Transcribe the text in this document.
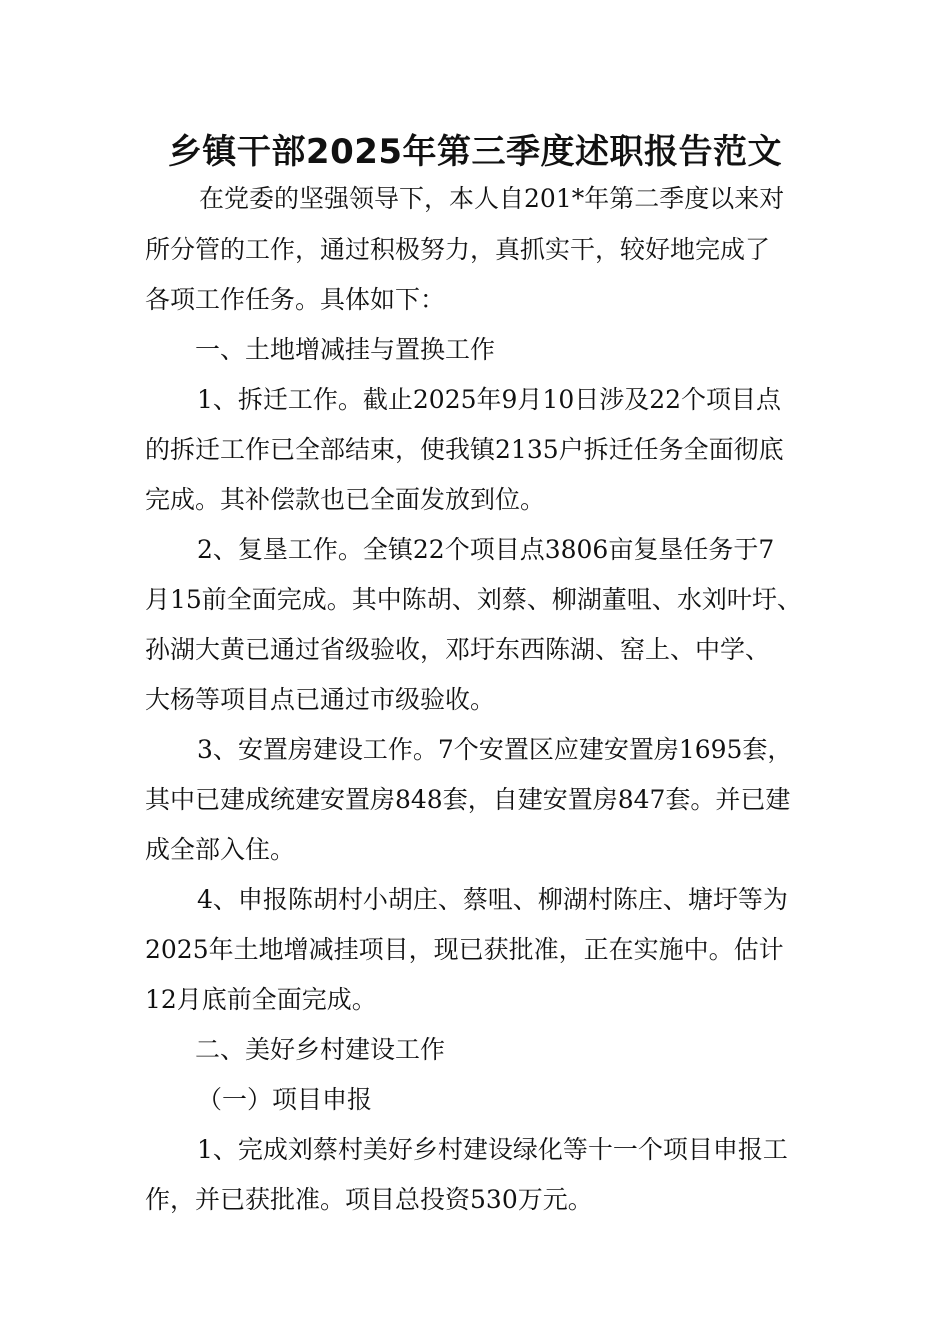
乡镇干部2025年第三季度述职报告范文

在党委的坚强领导下，本人自201*年第二季度以来对

所分管的工作，通过积极努力，真抓实干，较好地完成了

各项工作任务。具体如下：

一、土地增减挂与置换工作

1、拆迁工作。截止2025年9月10日涉及22个项目点

的拆迁工作已全部结束，使我镇2135户拆迁任务全面彻底

完成。其补偿款也已全面发放到位。

2、复垦工作。全镇22个项目点3806亩复垦任务于7

月15前全面完成。其中陈胡、刘蔡、柳湖董咀、水刘叶圩、

孙湖大黄已通过省级验收，邓圩东西陈湖、窑上、中学、

大杨等项目点已通过市级验收。

3、安置房建设工作。7个安置区应建安置房1695套，

其中已建成统建安置房848套，自建安置房847套。并已建

成全部入住。

4、申报陈胡村小胡庄、蔡咀、柳湖村陈庄、塘圩等为

2025年土地增减挂项目，现已获批准，正在实施中。估计

12月底前全面完成。

二、美好乡村建设工作

（一）项目申报

1、完成刘蔡村美好乡村建设绿化等十一个项目申报工

作，并已获批准。项目总投资530万元。
